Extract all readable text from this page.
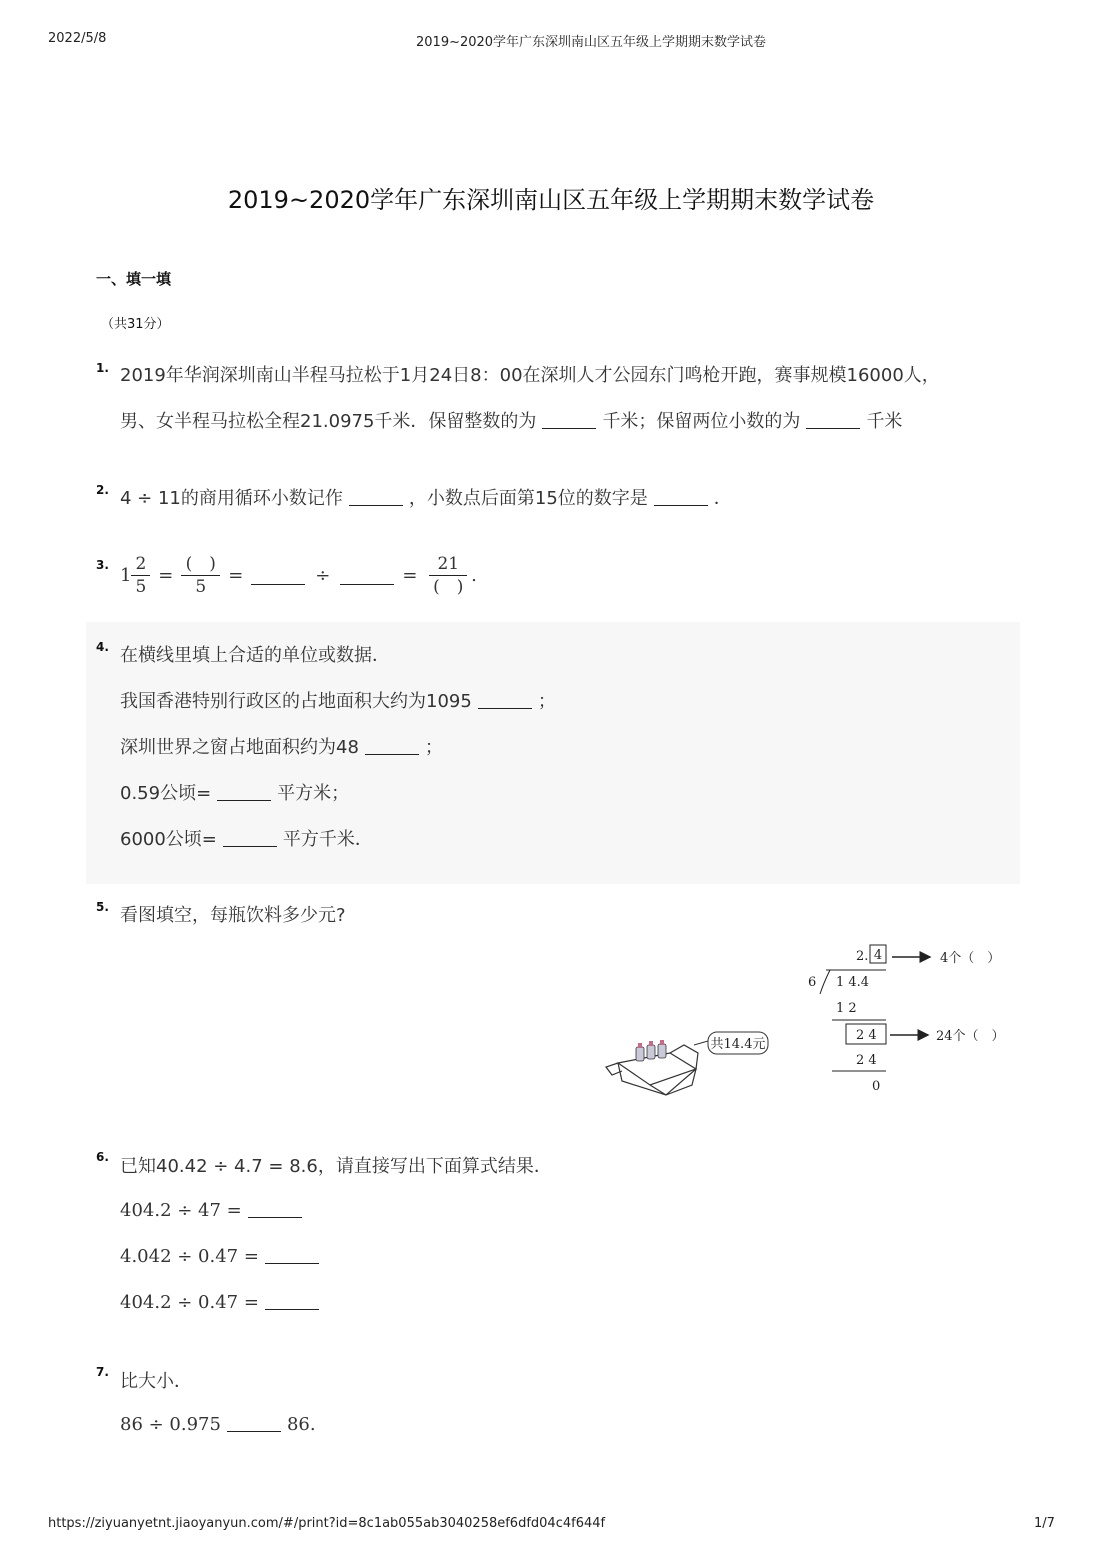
2022/5/8	2019~2020学年广东深圳南山区五年级上学期期末数学试卷
2019~2020学年广东深圳南山区五年级上学期期末数学试卷
一、填一填
（共31分）
1. 2019年华润深圳南山半程马拉松于1月24日8：00在深圳人才公园东门鸣枪开跑，赛事规模16000人，
男、女半程马拉松全程21.0975千米．保留整数的为	千米；保留两位小数的为	千米
2. 4 ÷ 11的商用循环小数记作	，小数点后面第15位的数字是	．
3. $1 \frac{2}{5} = \frac{( )}{5}$ =	÷	= $\frac{21}{( )}$ .
4. 在横线里填上合适的单位或数据．
我国香港特别行政区的占地面积大约为1095	；
深圳世界之窗占地面积约为48	；
0.59公顷=	平方米；
6000公顷=	平方千米．
5. 看图填空，每瓶饮料多少元?
共14.4元
2. 4	4个（　）
6 1 4.4
1 2
2 4	24个（　）
2 4
0
6. 已知40.42 ÷ 4.7 = 8.6，请直接写出下面算式结果．
404.2 ÷ 47 =
4.042 ÷ 0.47 =
404.2 ÷ 0.47 =
7. 比大小．
86 ÷ 0.975	86.
https://ziyuanyetnt.jiaoyanyun.com/#/print?id=8c1ab055ab3040258ef6dfd04c4f644f	1/7
